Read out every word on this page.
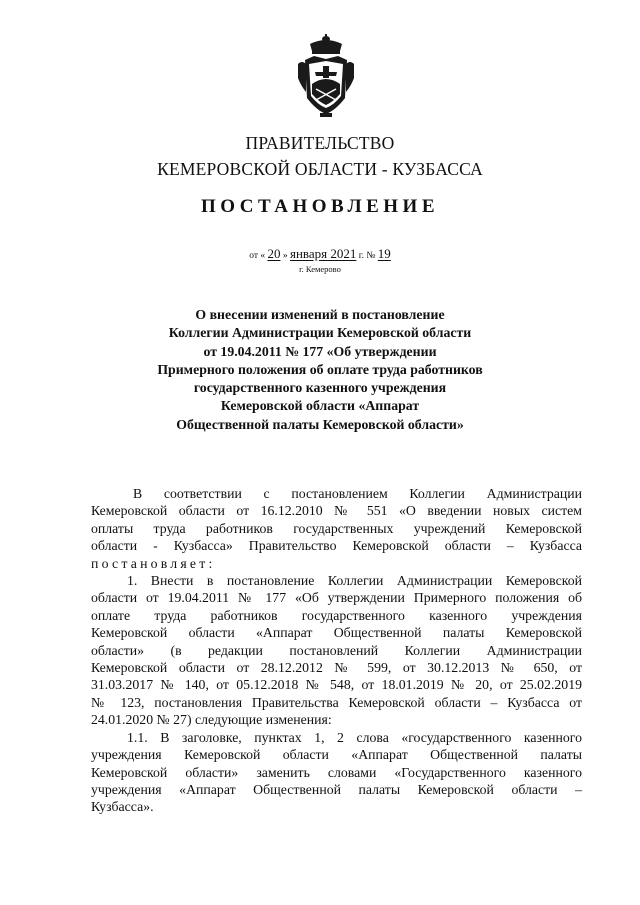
ПРАВИТЕЛЬСТВО
КЕМЕРОВСКОЙ ОБЛАСТИ - КУЗБАССА
ПОСТАНОВЛЕНИЕ
от « 20 » января 2021 г. № 19
г. Кемерово
О внесении изменений в постановление
Коллегии Администрации Кемеровской области
от 19.04.2011 № 177 «Об утверждении
Примерного положения об оплате труда работников
государственного казенного учреждения
Кемеровской области «Аппарат
Общественной палаты Кемеровской области»

В соответствии с постановлением Коллегии Администрации

Кемеровской области от 16.12.2010 № 551 «О введении новых систем

оплаты труда работников государственных учреждений Кемеровской

области - Кузбасса» Правительство Кемеровской области – Кузбасса

постановляет:

1. Внести в постановление Коллегии Администрации Кемеровской

области от 19.04.2011 № 177 «Об утверждении Примерного положения об

оплате труда работников государственного казенного учреждения

Кемеровской области «Аппарат Общественной палаты Кемеровской

области» (в редакции постановлений Коллегии Администрации

Кемеровской области от 28.12.2012 № 599, от 30.12.2013 № 650, от

31.03.2017 № 140, от 05.12.2018 № 548, от 18.01.2019 № 20, от 25.02.2019

№ 123, постановления Правительства Кемеровской области – Кузбасса от

24.01.2020 № 27) следующие изменения:

1.1. В заголовке, пунктах 1, 2 слова «государственного казенного

учреждения Кемеровской области «Аппарат Общественной палаты

Кемеровской области» заменить словами «Государственного казенного

учреждения «Аппарат Общественной палаты Кемеровской области –

Кузбасса».
